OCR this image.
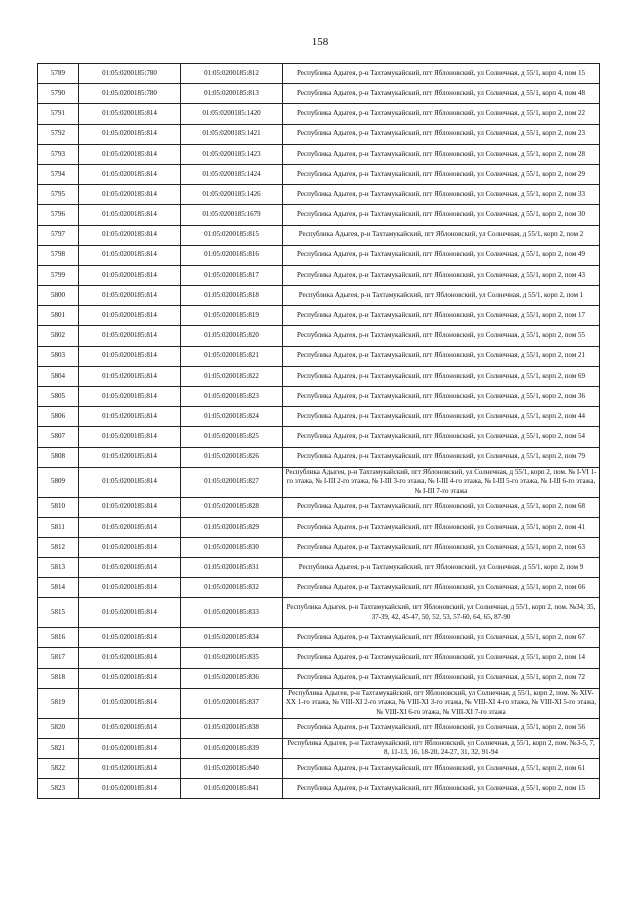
158
5789	01:05:0200185:780	01:05:0200185:812	Республика Адыгея, р-н Тахтамукайский, пгт Яблоновский, ул Солнечная, д 55/1, корп 4, пом 15
5790	01:05:0200185:780	01:05:0200185:813	Республика Адыгея, р-н Тахтамукайский, пгт Яблоновский, ул Солнечная, д 55/1, корп 4, пом 48
5791	01:05:0200185:814	01:05:0200185:1420	Республика Адыгея, р-н Тахтамукайский, пгт Яблоновский, ул Солнечная, д 55/1, корп 2, пом 22
5792	01:05:0200185:814	01:05:0200185:1421	Республика Адыгея, р-н Тахтамукайский, пгт Яблоновский, ул Солнечная, д 55/1, корп 2, пом 23
5793	01:05:0200185:814	01:05:0200185:1423	Республика Адыгея, р-н Тахтамукайский, пгт Яблоновский, ул Солнечная, д 55/1, корп 2, пом 28
5794	01:05:0200185:814	01:05:0200185:1424	Республика Адыгея, р-н Тахтамукайский, пгт Яблоновский, ул Солнечная, д 55/1, корп 2, пом 29
5795	01:05:0200185:814	01:05:0200185:1426	Республика Адыгея, р-н Тахтамукайский, пгт Яблоновский, ул Солнечная, д 55/1, корп 2, пом 33
5796	01:05:0200185:814	01:05:0200185:1679	Республика Адыгея, р-н Тахтамукайский, пгт Яблоновский, ул Солнечная, д 55/1, корп 2, пом 30
5797	01:05:0200185:814	01:05:0200185:815	Республика Адыгея, р-н Тахтамукайский, пгт Яблоновский, ул Солнечная, д 55/1, корп 2, пом 2
5798	01:05:0200185:814	01:05:0200185:816	Республика Адыгея, р-н Тахтамукайский, пгт Яблоновский, ул Солнечная, д 55/1, корп 2, пом 49
5799	01:05:0200185:814	01:05:0200185:817	Республика Адыгея, р-н Тахтамукайский, пгт Яблоновский, ул Солнечная, д 55/1, корп 2, пом 43
5800	01:05:0200185:814	01:05:0200185:818	Республика Адыгея, р-н Тахтамукайский, пгт Яблоновский, ул Солнечная, д 55/1, корп 2, пом 1
5801	01:05:0200185:814	01:05:0200185:819	Республика Адыгея, р-н Тахтамукайский, пгт Яблоновский, ул Солнечная, д 55/1, корп 2, пом 17
5802	01:05:0200185:814	01:05:0200185:820	Республика Адыгея, р-н Тахтамукайский, пгт Яблоновский, ул Солнечная, д 55/1, корп 2, пом 55
5803	01:05:0200185:814	01:05:0200185:821	Республика Адыгея, р-н Тахтамукайский, пгт Яблоновский, ул Солнечная, д 55/1, корп 2, пом 21
5804	01:05:0200185:814	01:05:0200185:822	Республика Адыгея, р-н Тахтамукайский, пгт Яблоновский, ул Солнечная, д 55/1, корп 2, пом 69
5805	01:05:0200185:814	01:05:0200185:823	Республика Адыгея, р-н Тахтамукайский, пгт Яблоновский, ул Солнечная, д 55/1, корп 2, пом 36
5806	01:05:0200185:814	01:05:0200185:824	Республика Адыгея, р-н Тахтамукайский, пгт Яблоновский, ул Солнечная, д 55/1, корп 2, пом 44
5807	01:05:0200185:814	01:05:0200185:825	Республика Адыгея, р-н Тахтамукайский, пгт Яблоновский, ул Солнечная, д 55/1, корп 2, пом 54
5808	01:05:0200185:814	01:05:0200185:826	Республика Адыгея, р-н Тахтамукайский, пгт Яблоновский, ул Солнечная, д 55/1, корп 2, пом 79
5809	01:05:0200185:814	01:05:0200185:827	Республика Адыгея, р-н Тахтамукайский, пгт Яблоновский, ул Солнечная, д 55/1, корп 2, пом. № I-VI 1-го этажа, № I-III 2-го этажа, № I-III 3-го этажа, № I-III 4-го этажа, № I-III 5-го этажа, № I-III 6-го этажа, № I-III 7-го этажа
5810	01:05:0200185:814	01:05:0200185:828	Республика Адыгея, р-н Тахтамукайский, пгт Яблоновский, ул Солнечная, д 55/1, корп 2, пом 68
5811	01:05:0200185:814	01:05:0200185:829	Республика Адыгея, р-н Тахтамукайский, пгт Яблоновский, ул Солнечная, д 55/1, корп 2, пом 41
5812	01:05:0200185:814	01:05:0200185:830	Республика Адыгея, р-н Тахтамукайский, пгт Яблоновский, ул Солнечная, д 55/1, корп 2, пом 63
5813	01:05:0200185:814	01:05:0200185:831	Республика Адыгея, р-н Тахтамукайский, пгт Яблоновский, ул Солнечная, д 55/1, корп 2, пом 9
5814	01:05:0200185:814	01:05:0200185:832	Республика Адыгея, р-н Тахтамукайский, пгт Яблоновский, ул Солнечная, д 55/1, корп 2, пом 66
5815	01:05:0200185:814	01:05:0200185:833	Республика Адыгея, р-н Тахтамукайский, пгт Яблоновский, ул Солнечная, д 55/1, корп 2, пом. №34, 35, 37-39, 42, 45-47, 50, 52, 53, 57-60, 64, 65, 87-90
5816	01:05:0200185:814	01:05:0200185:834	Республика Адыгея, р-н Тахтамукайский, пгт Яблоновский, ул Солнечная, д 55/1, корп 2, пом 67
5817	01:05:0200185:814	01:05:0200185:835	Республика Адыгея, р-н Тахтамукайский, пгт Яблоновский, ул Солнечная, д 55/1, корп 2, пом 14
5818	01:05:0200185:814	01:05:0200185:836	Республика Адыгея, р-н Тахтамукайский, пгт Яблоновский, ул Солнечная, д 55/1, корп 2, пом 72
5819	01:05:0200185:814	01:05:0200185:837	Республика Адыгея, р-н Тахтамукайский, пгт Яблоновский, ул Солнечная, д 55/1, корп 2, пом. № XIV-XX 1-го этажа, № VIII-XI 2-го этажа, № VIII-XI 3-го этажа, № VIII-XI 4-го этажа, № VIII-XI 5-го этажа, № VIII-XI 6-го этажа, № VIII-XI 7-го этажа
5820	01:05:0200185:814	01:05:0200185:838	Республика Адыгея, р-н Тахтамукайский, пгт Яблоновский, ул Солнечная, д 55/1, корп 2, пом 56
5821	01:05:0200185:814	01:05:0200185:839	Республика Адыгея, р-н Тахтамукайский, пгт Яблоновский, ул Солнечная, д 55/1, корп 2, пом. №3-5, 7, 8, 11-13, 16, 18-20, 24-27, 31, 32, 91-94
5822	01:05:0200185:814	01:05:0200185:840	Республика Адыгея, р-н Тахтамукайский, пгт Яблоновский, ул Солнечная, д 55/1, корп 2, пом 61
5823	01:05:0200185:814	01:05:0200185:841	Республика Адыгея, р-н Тахтамукайский, пгт Яблоновский, ул Солнечная, д 55/1, корп 2, пом 15
